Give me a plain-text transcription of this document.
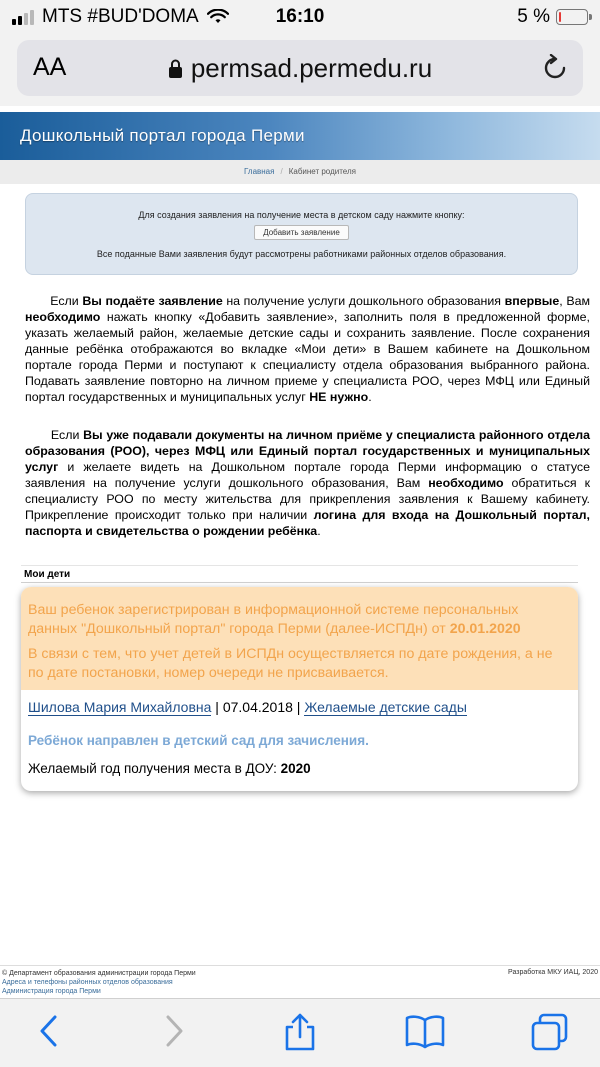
MTS #BUD'DOMA	16:10	5 %
AA	permsad.permedu.ru
Дошкольный портал города Перми
Главная / Кабинет родителя
Для создания заявления на получение места в детском саду нажмите кнопку:
Добавить заявление
Все поданные Вами заявления будут рассмотрены работниками районных отделов образования.
Если Вы подаёте заявление на получение услуги дошкольного образования впервые, Вам необходимо нажать кнопку «Добавить заявление», заполнить поля в предложенной форме, указать желаемый район, желаемые детские сады и сохранить заявление. После сохранения данные ребёнка отображаются во вкладке «Мои дети» в Вашем кабинете на Дошкольном портале города Перми и поступают к специалисту отдела образования выбранного района. Подавать заявление повторно на личном приеме у специалиста РОО, через МФЦ или Единый портал государственных и муниципальных услуг НЕ нужно.
Если Вы уже подавали документы на личном приёме у специалиста районного отдела образования (РОО), через МФЦ или Единый портал государственных и муниципальных услуг и желаете видеть на Дошкольном портале города Перми информацию о статусе заявления на получение услуги дошкольного образования, Вам необходимо обратиться к специалисту РОО по месту жительства для прикрепления заявления к Вашему кабинету. Прикрепление происходит только при наличии логина для входа на Дошкольный портал, паспорта и свидетельства о рождении ребёнка.
Мои дети

Ваш ребенок зарегистрирован в информационной системе персональных данных "Дошкольный портал" города Перми (далее-ИСПДн) от 20.01.2020

В связи с тем, что учет детей в ИСПДн осуществляется по дате рождения, а не по дате постановки, номер очереди не присваивается.

Шилова Мария Михайловна | 07.04.2018 | Желаемые детские сады
Ребёнок направлен в детский сад для зачисления.
Желаемый год получения места в ДОУ: 2020
© Департамент образования администрации города Перми
Адреса и телефоны районных отделов образования
Администрация города Перми
Разработка МКУ ИАЦ, 2020
